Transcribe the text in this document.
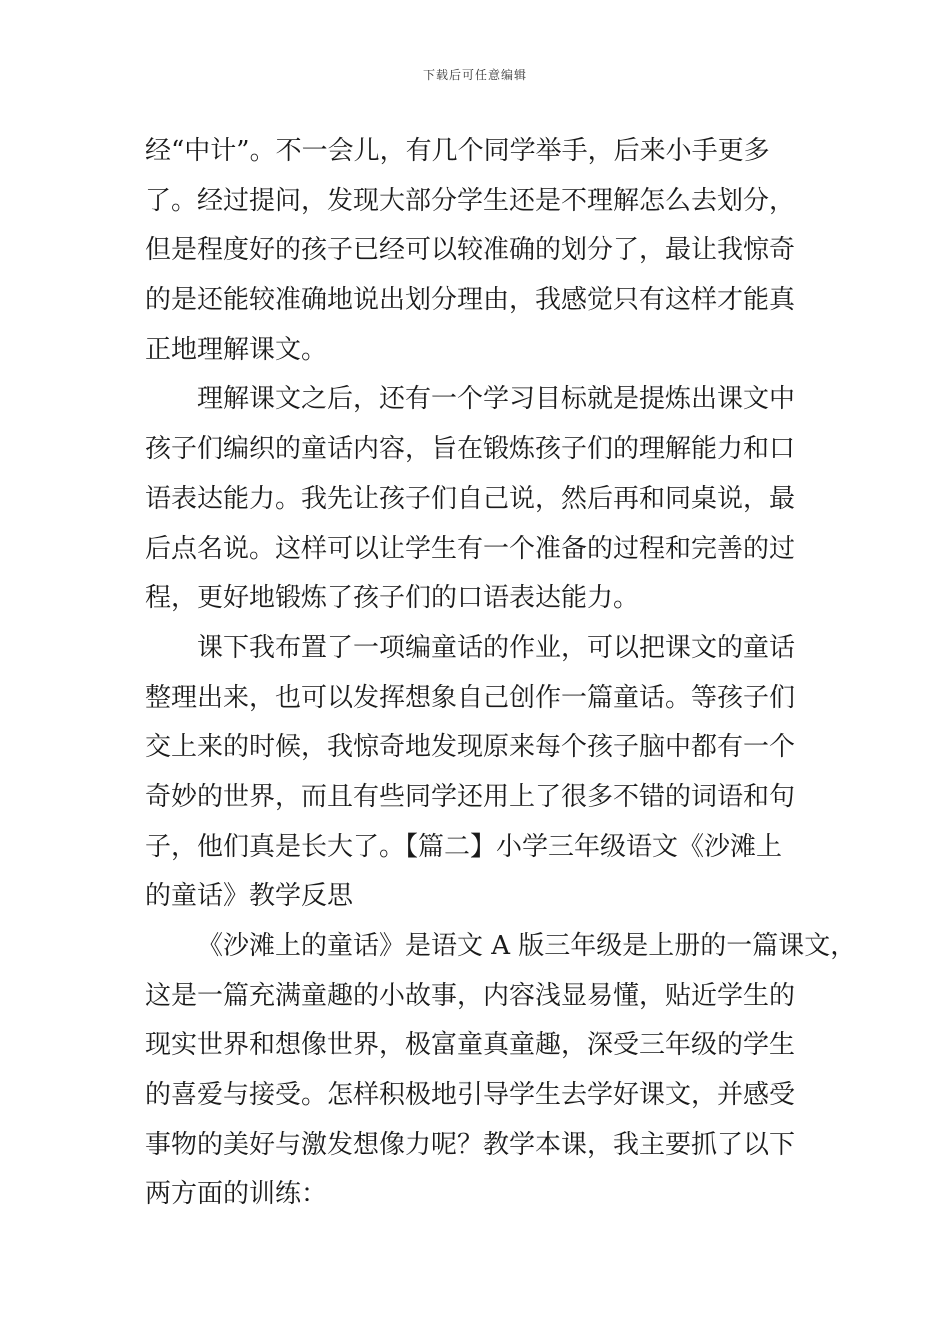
下载后可任意编辑
经“中计”。不一会儿，有几个同学举手，后来小手更多
了。经过提问，发现大部分学生还是不理解怎么去划分，
但是程度好的孩子已经可以较准确的划分了，最让我惊奇
的是还能较准确地说出划分理由，我感觉只有这样才能真
正地理解课文。
理解课文之后，还有一个学习目标就是提炼出课文中
孩子们编织的童话内容，旨在锻炼孩子们的理解能力和口
语表达能力。我先让孩子们自己说，然后再和同桌说，最
后点名说。这样可以让学生有一个准备的过程和完善的过
程，更好地锻炼了孩子们的口语表达能力。
课下我布置了一项编童话的作业，可以把课文的童话
整理出来，也可以发挥想象自己创作一篇童话。等孩子们
交上来的时候，我惊奇地发现原来每个孩子脑中都有一个
奇妙的世界，而且有些同学还用上了很多不错的词语和句
子，他们真是长大了。【篇二】小学三年级语文《沙滩上
的童话》教学反思
《沙滩上的童话》是语文 A 版三年级是上册的一篇课文，
这是一篇充满童趣的小故事，内容浅显易懂，贴近学生的
现实世界和想像世界，极富童真童趣，深受三年级的学生
的喜爱与接受。怎样积极地引导学生去学好课文，并感受
事物的美好与激发想像力呢？教学本课，我主要抓了以下
两方面的训练：
